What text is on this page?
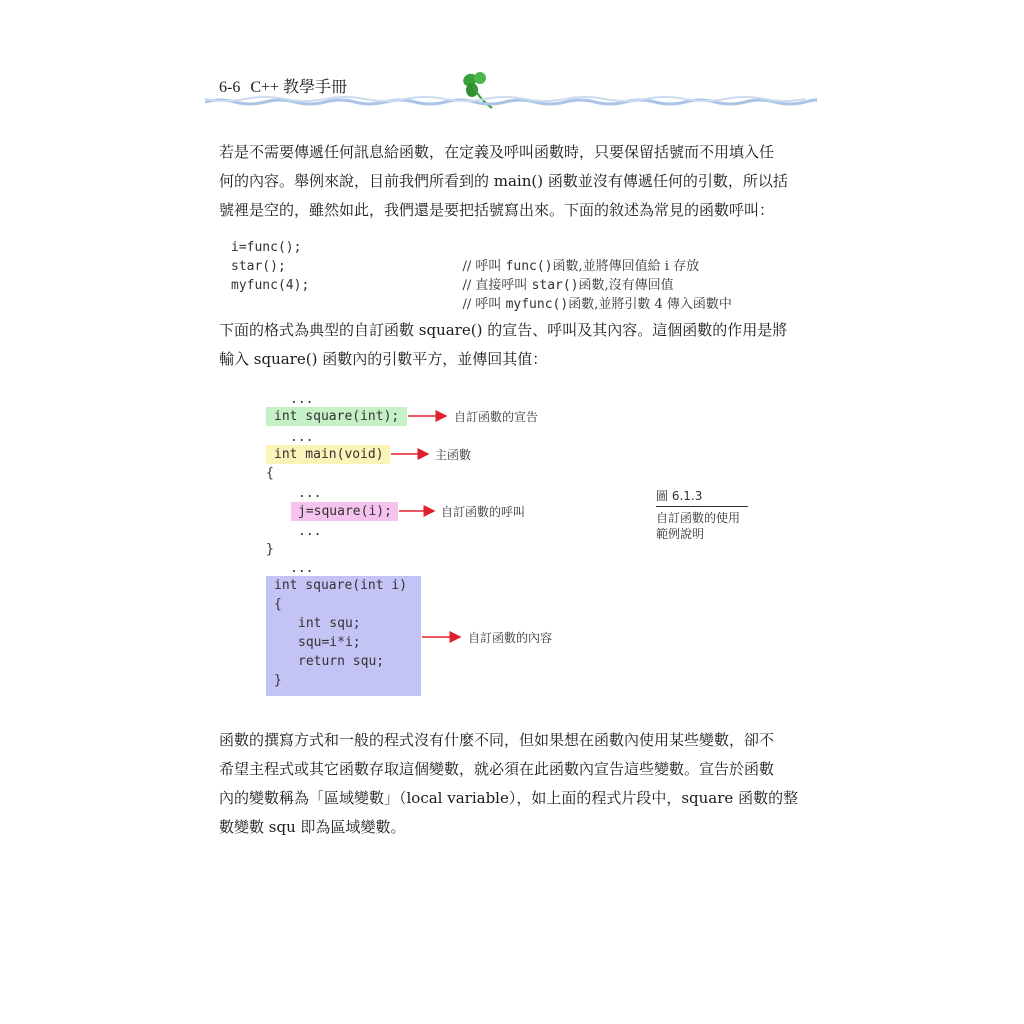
6-6 C++ 教學手冊

若是不需要傳遞任何訊息給函數，在定義及呼叫函數時，只要保留括號而不用填入任

何的內容。舉例來說，目前我們所看到的 main() 函數並沒有傳遞任何的引數，所以括

號裡是空的，雖然如此，我們還是要把括號寫出來。下面的敘述為常見的函數呼叫：

i=func();

// 呼叫 func()函數,並將傳回值給 i 存放

star();

// 直接呼叫 star()函數,沒有傳回值

myfunc(4);

// 呼叫 myfunc()函數,並將引數 4 傳入函數中

下面的格式為典型的自訂函數 square() 的宣告、呼叫及其內容。這個函數的作用是將

輸入 square() 函數內的引數平方，並傳回其值：

...
int square(int);
...
int main(void)
{
...
j=square(i);
...
}
...
int square(int i)
{
int squ;
squ=i*i;
return squ;
}
自訂函數的宣告
主函數
自訂函數的呼叫
自訂函數的內容
圖 6.1.3
自訂函數的使用
範例說明

函數的撰寫方式和一般的程式沒有什麼不同，但如果想在函數內使用某些變數，卻不

希望主程式或其它函數存取這個變數，就必須在此函數內宣告這些變數。宣告於函數

內的變數稱為「區域變數」（local variable），如上面的程式片段中，square 函數的整

數變數 squ 即為區域變數。
